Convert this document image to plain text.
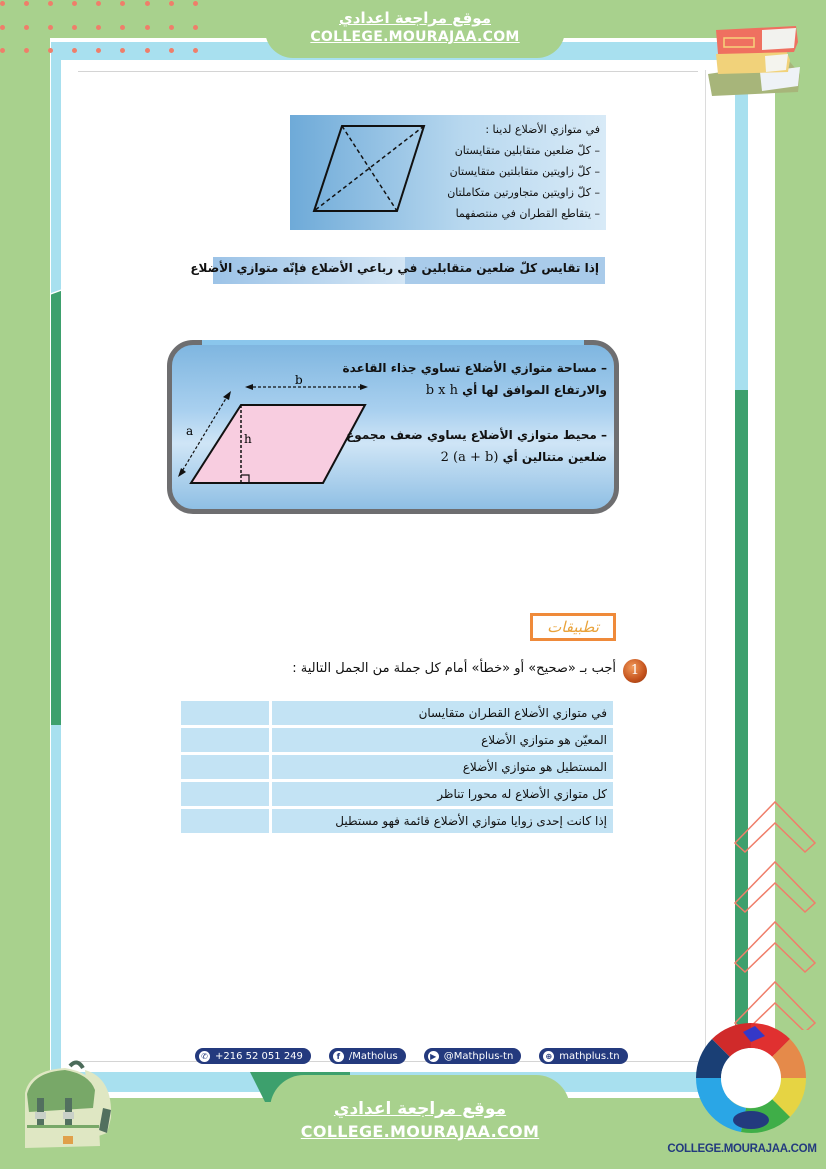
موقع مراجعة اعدادي
COLLEGE.MOURAJAA.COM
في متوازي الأضلاع لدينا :
– كلّ ضلعين متقابلين متقايستان
– كلّ زاويتين متقابلتين متقايستان
– كلّ زاويتين متجاورتين متكاملتان
– يتقاطع القطران في منتصفهما
إذا تقايس كلّ ضلعين متقابلين في رباعي الأضلاع فإنّه متوازي الأضلاع
b
a
h
– مساحة متوازي الأضلاع تساوي جذاء القاعدة
والارتفاع الموافق لها أي b x h
– محيط متوازي الأضلاع يساوي ضعف مجموع
ضلعين متتالين أي 2 (a + b)
تطبيقات
1
أجب بـ «صحيح» أو «خطأ» أمام كل جملة من الجمل التالية :
في متوازي الأضلاع القطران متقايسان
المعيّن هو متوازي الأضلاع
المستطيل هو متوازي الأضلاع
كل متوازي الأضلاع له محورا تناظر
إذا كانت إحدى زوايا متوازي الأضلاع قائمة فهو مستطيل
✆ +216 52 051 249	f /Matholus	▶ @Mathplus-tn	⊕ mathplus.tn
موقع مراجعة اعدادي
COLLEGE.MOURAJAA.COM
COLLEGE.MOURAJAA.COM
